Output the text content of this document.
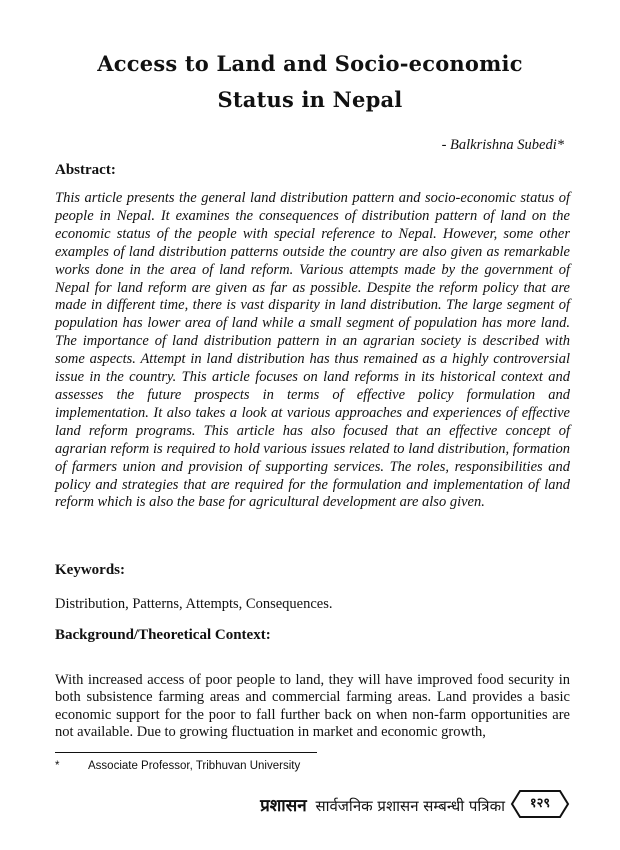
Access to Land and Socio-economic
Status in Nepal
- Balkrishna Subedi*
Abstract:

This article presents the general land distribution pattern and socio-economic status of people in Nepal. It examines the consequences of distribution pattern of land on the economic status of the people with special reference to Nepal. However, some other examples of land distribution patterns outside the country are also given as remarkable works done in the area of land reform. Various attempts made by the government of Nepal for land reform are given as far as possible. Despite the reform policy that are made in different time, there is vast disparity in land distribution. The large segment of population has lower area of land while a small segment of population has more land. The importance of land distribution pattern in an agrarian society is described with some aspects. Attempt in land distribution has thus remained as a highly controversial issue in the country. This article focuses on land reforms in its historical context and assesses the future prospects in terms of effective policy formulation and implementation. It also takes a look at various approaches and experiences of effective land reform programs. This article has also focused that an effective concept of agrarian reform is required to hold various issues related to land distribution, formation of farmers union and provision of supporting services. The roles, responsibilities and policy and strategies that are required for the formulation and implementation of land reform which is also the base for agricultural development are also given.

Keywords:
Distribution, Patterns, Attempts, Consequences.
Background/Theoretical Context:

With increased access of poor people to land, they will have improved food security in both subsistence farming areas and commercial farming areas. Land provides a basic economic support for the poor to fall further back on when non-farm opportunities are not available. Due to growing fluctuation in market and economic growth,

* Associate Professor, Tribhuvan University
प्रशासन सार्वजनिक प्रशासन सम्बन्धी पत्रिका	१२९
